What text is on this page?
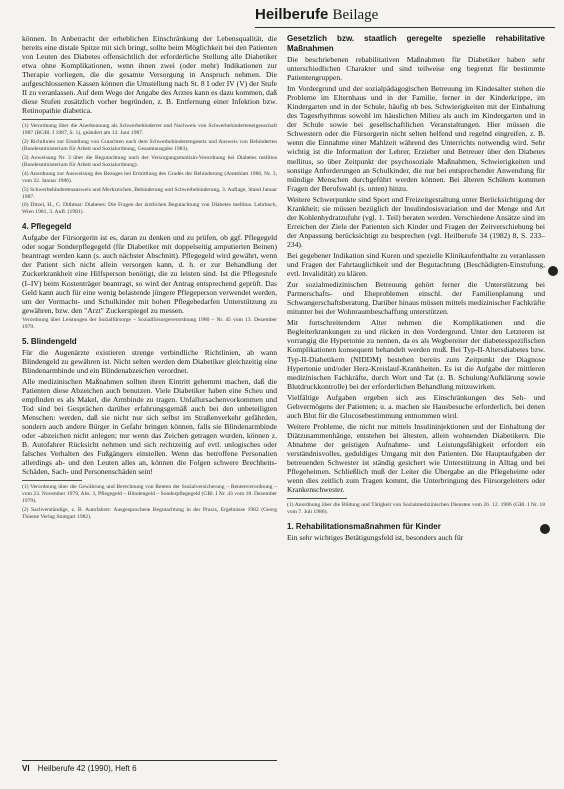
Heilberufe Beilage

können. In Anbetracht der erheblichen Einschränkung der Lebensqualität, die bereits eine distale Spitze mit sich bringt, sollte beim Möglichkeit bei den Patienten von Leuten des Diabetes offensichtlich der erforderliche Stellung alle Diabetiker etwa ohne Komplikationen, wenn ihnen zwei (oder mehr) Indikationen zur Therapie vorliegen, die die gesamte Versorgung in Anspruch nehmen. Die aufgeschlossenen Kassen können die Umstellung nach St. 8 I oder IV (V) der Stufe II zu veranlassen. Auf dem Wege der Angabe des Arztes kann es dazu kommen, daß diese Stufen zusätzlich vorher begründen, z. B. Entfernung einer Infektion bzw. Retinopathie diabetica.

(1) Verordnung über die Anerkennung als Schwerbehinderter und Nachweis von Schwerbehinderteneigenschaft 1987 (BGBl. I 1987, S. 1), geändert am 12. Juni 1987.

(2) Richtlinien zur Erstellung von Gutachten nach dem Schwerbehindertengesetz und Ausweis von Behinderten (Bundesministerium für Arbeit und Sozialordnung, Gesamtausgabe 1983).

(3) Anweisung Nr. 3 über die Begutachtung nach der Versorgungsmedizin-Verordnung bei Diabetes mellitus (Bundesministerium für Arbeit und Sozialordnung).

(4) Anordnung zur Ausweisung des Bezuges bei Ermittlung des Grades der Behinderung (Amtsblatt 1986, Nr. 3, vom 22. Januar 1986).

(5) Schwerbehindertenausweis und Merkzeichen, Behinderung und Schwerbehinderung, 3. Auflage, Stand Januar 1987.

(6) Ditzel, H., C. Dithmar: Diabetes: Die Fragen der ärztlichen Begutachtung von Diabetes mellitus. Lehrbuch, Wien 1981, 3. Aufl. (1981).

4. Pflegegeld

Aufgabe der Fürsorgerin ist es, daran zu denken und zu prüfen, ob ggf. Pflegegeld oder sogar Sonderpflegegeld (für Diabetiker mit doppelseitig amputierten Beinen) beantragt werden kann (s. auch nächster Abschnitt). Pflegegeld wird gewährt, wenn der Patient sich nicht allein versorgen kann, d. h. er zur Behandlung der Zuckerkrankheit eine Hilfsperson benötigt, die zu leisten sind. Ist die Pflegestufe (I–IV) beim Kostenträger beantragt, so wird der Antrag entsprechend geprüft. Das Geld kann auch für eine wenig belastende jüngere Pflegeperson verwendet werden, um der Vormacht- und Schulkinder mit hohen Pflegebedarfen Unterstützung zu gewähren, bzw. den "Arzt" Zuckerspiegel zu messen.

Verordnung über Leistungen der Sozialfürsorge – Sozialfürsorgeverordnung 1980 – Nr. 45 vom 13. Dezember 1979.

5. Blindengeld

Für die Augenärzte existieren strenge verbindliche Richtlinien, ab wann Blindengeld zu gewähren ist. Nicht selten werden dem Diabetiker gleichzeitig eine Blindenarmbinde und ein Blindenabzeichen verordnet.

Alle medizinischen Maßnahmen sollten ihren Eintritt gehemmt machen, daß die Patienten diese Abzeichen auch benutzen. Viele Diabetiker haben eine Scheu und empfinden es als Makel, die Armbinde zu tragen. Unfallursachenvorkommen und Tod sind bei Gesprächen darüber erfahrungsgemäß auch bei den unbeteiligten Menschen: werden, daß sie nicht nur sich selbst im Straßenverkehr gefährden, sondern auch andere Bürger in Gefahr bringen können, falls sie Blindenarmbinde oder -abzeichen nicht anlegen; nur wenn das Zeichen getragen wurden, können z. B. Autofahrer Rücksicht nehmen und sich rechtzeitig auf evtl. unlogisches oder falsches Verhalten des Fußgängers einstellen. Wenn das betroffene Personalien allerdings ab- und den Leuten alles an, können die Folgen schwere Brechheits-Schäden, Sach- und Personenschäden sein!

(1) Verordnung über die Gewährung und Berechnung von Renten der Sozialversicherung – Rentenverordnung – vom 23. November 1979, Abs. 3, Pflegegeld – Blindengeld – Sonderpflegegeld (GBl. I Nr. 43 vom 18. Dezember 1979).

(2) Sachverständige, z. B. Autofahrer: Ausgesprochene Begutachtung in der Praxis, Ergebnisse 1982 (Georg Thieme Verlag Stuttgart 1982).

Gesetzlich bzw. staatlich geregelte spezielle rehabilitative Maßnahmen

Die beschriebenen rehabilitativen Maßnahmen für Diabetiker haben sehr unterschiedlichen Charakter und sind teilweise eng begrenzt für bestimmte Patientengruppen.

Im Vordergrund und der sozialpädagogischen Betreuung im Kindesalter stehen die Probleme im Elternhaus und in der Familie, ferner in der Kinderkrippe, im Kindergarten und in der Schule, häufig ob bes. Schwierigkeiten mit der Einhaltung des Tagesrhythmus sowohl im häuslichen Milieu als auch im Kindergarten und in der Schule sowie bei gesellschaftlichen Veranstaltungen. Hier müssen die Schwestern oder die Fürsorgerin nicht selten helfend und regelnd eingreifen, z. B. wenn die Einnahme einer Mahlzeit während des Unterrichts notwendig wird. Sehr wichtig ist die Information der Lehrer, Erzieher und Betreuer über den Diabetes mellitus, so über Zeitpunkt der psychosoziale Maßnahmen, Schwierigkeiten und sonstige Anforderungen an Schulkinder, die nur bei entsprechender Anwendung für mündige Menschen durchgeführt werden können. Bei älteren Schülern kommen Fragen der Berufswahl (s. unten) hinzu.

Weitere Schwerpunkte sind Sport und Freizeitgestaltung unter Berücksichtigung der Krankheit; sie müssen bezüglich der Insulindosisvariation und der Menge und Art der Kohlenhydratzufuhr (vgl. 1. Teil) beraten werden. Verschiedene Ansätze sind im Erreichen der Ziele der Patienten sich Kinder und Fragen der Zeitverschiebung bei der Anpassung berücksichtigt zu besprechen (vgl. Heilberufe 34 (1982) 8, S. 233–234).

Bei gegebener Indikation sind Kuren und spezielle Klinikaufenthalte zu veranlassen und Fragen der Fahrtauglichkeit und der Begutachtung (Beschädigten-Einstufung, evtl. Invalidität) zu klären.

Zur sozialmedizinischen Betreuung gehört ferner die Unterstützung bei Partnerschafts- und Eheproblemen einschl. der Familienplanung und Schwangerschaftsberatung. Darüber hinaus müssen mittels medizinischer Fachkräfte mitunter bei der Wohnraumbeschaffung unterstützen.

Mit fortschreitendem Alter nehmen die Komplikationen und die Begleiterkrankungen zu und rücken in den Vordergrund. Unter den Letzteren ist vorrangig die Hypertonie zu nennen, da es als Wegbereiter der diabetesspezifischen Komplikationen konsequent behandelt werden muß. Bei Typ-II-Altersdiabetes bzw. Typ-II-Diabetikern (NIDDM) bestehen bereits zum Zeitpunkt der Diagnose Hypertonie und/oder Herz-Kreislauf-Krankheiten. Es ist die Aufgabe der mittleren medizinischen Fachkräfte, durch Wort und Tat (z. B. Schulung/Aufklärung sowie Blutdruckkontrolle) bei der erforderlichen Behandlung mitzuwirken.

Vielfältige Aufgaben ergeben sich aus Einschränkungen des Seh- und Gehvermögens der Patienten; u. a. machen sie Hausbesuche erforderlich, bei denen auch Blut für die Glucosebestimmung entnommen wird.

Weitere Probleme, die nicht nur mittels Insulininjektionen und der Einhaltung der Diätzusammenhänge, entstehen bei ältesten, allein wohnenden Diabetikern. Die Abnahme der geistigen Aufnahme- und Leistungsfähigkeit erfordert ein verständnisvolles, geduldiges Umgang mit den Patienten. Die Hauptaufgaben der betreuenden Schwester ist ständig gesichert wie Unterstützung in Alltag und bei Pflegeheimen. Schließlich muß der Leiter die Übergabe an die Pflegeheime oder wenn dies zeitlich zum Tragen kommt, die Unterbringung des Fürsorgeleiters oder Krankenschwester.

(1) Anordnung über die Bildung und Tätigkeit von Sozialmedizinischen Diensten vom 26. 12. 1986 (GBl. I Nr. 18 vom 7. Juli 1986).

1. Rehabilitationsmaßnahmen für Kinder

Ein sehr wichtiges Betätigungsfeld ist, besonders auch für

VI Heilberufe 42 (1990), Heft 6
